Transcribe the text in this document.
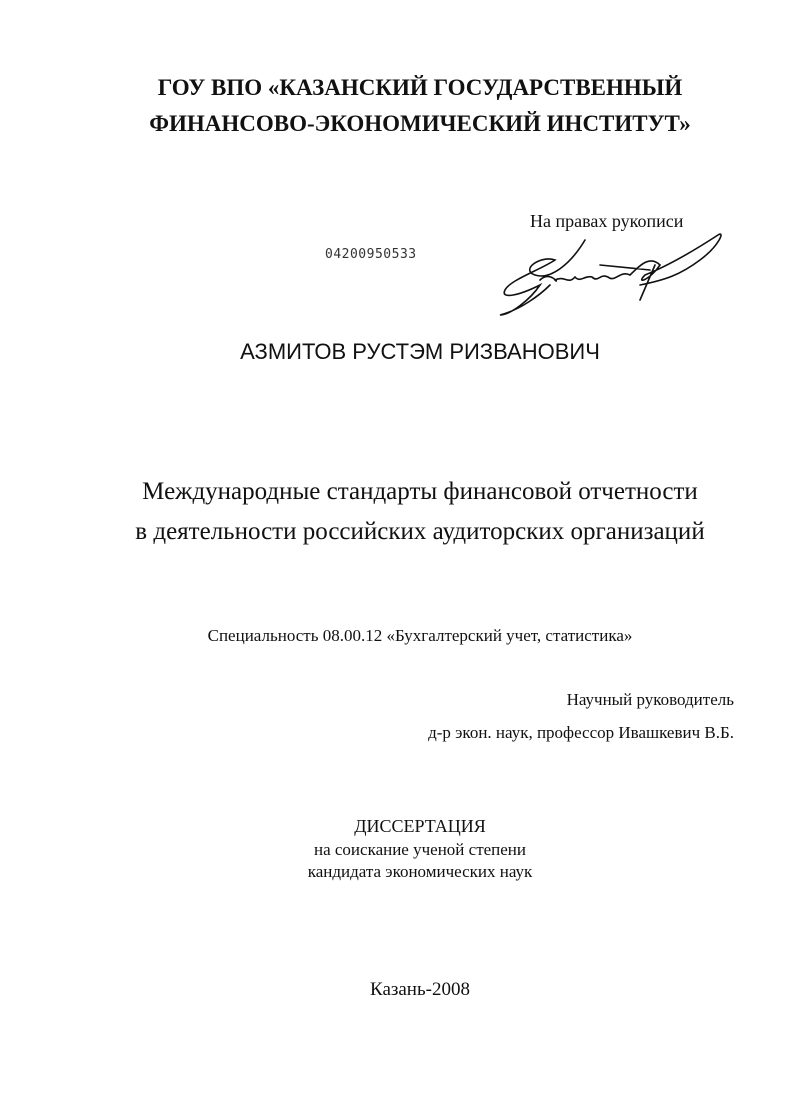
ГОУ ВПО «КАЗАНСКИЙ ГОСУДАРСТВЕННЫЙ
ФИНАНСОВО-ЭКОНОМИЧЕСКИЙ ИНСТИТУТ»
На правах рукописи
04200950533
АЗМИТОВ РУСТЭМ РИЗВАНОВИЧ
Международные стандарты финансовой отчетности
в деятельности российских аудиторских организаций
Специальность 08.00.12 «Бухгалтерский учет, статистика»
Научный руководитель
д-р экон. наук, профессор Ивашкевич В.Б.
ДИССЕРТАЦИЯ
на соискание ученой степени
кандидата экономических наук
Казань-2008
